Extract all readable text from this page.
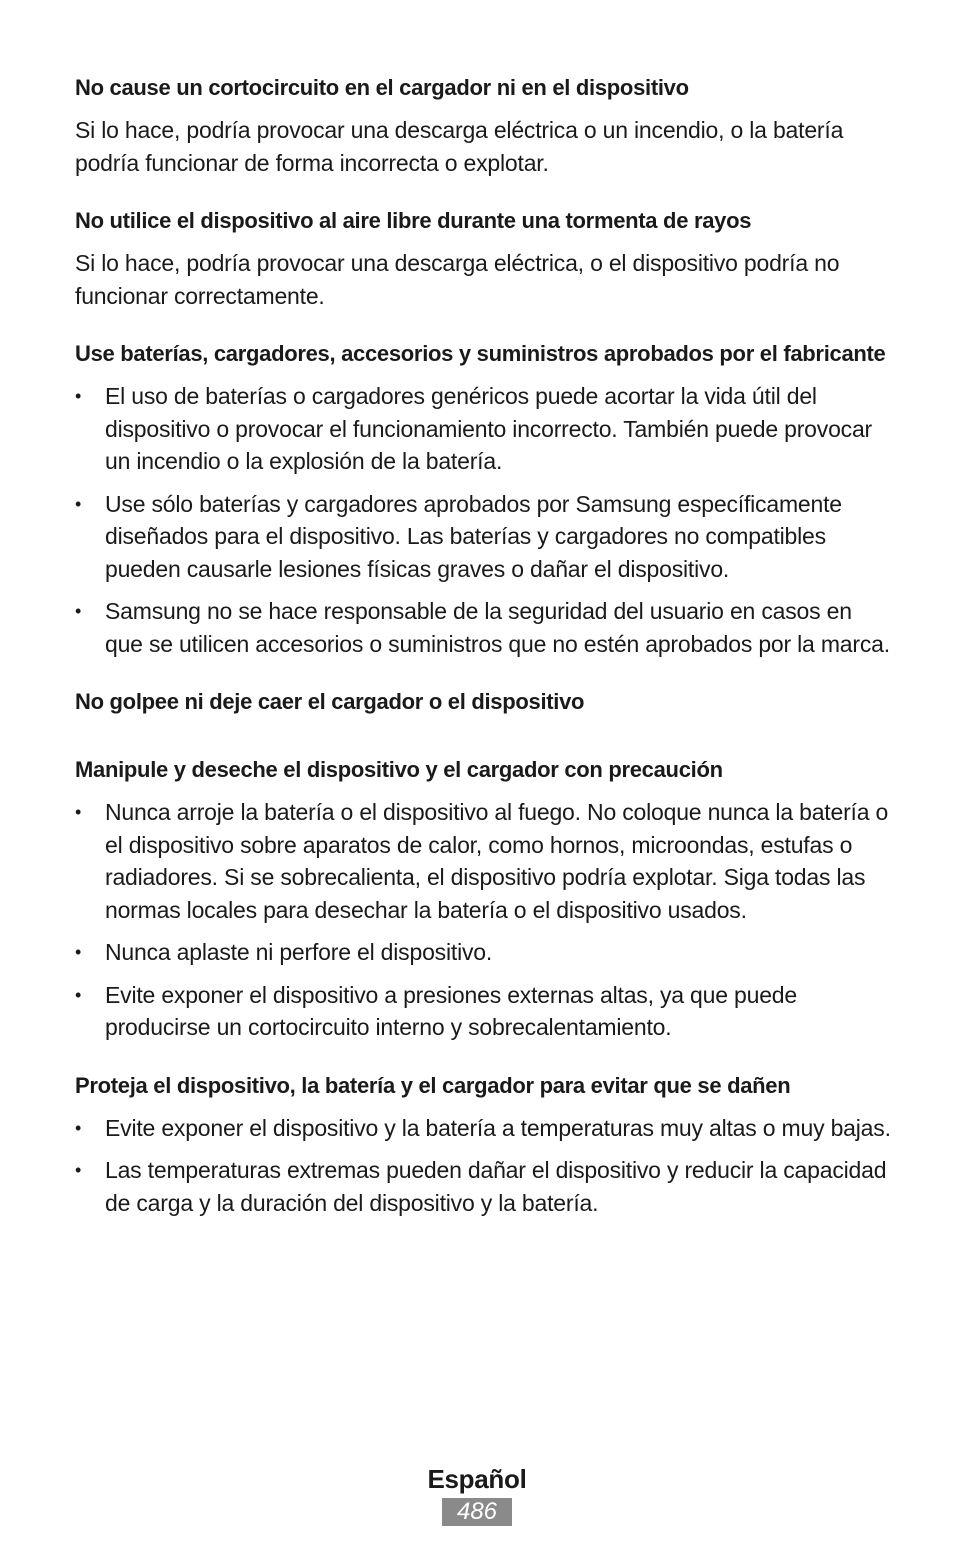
No cause un cortocircuito en el cargador ni en el dispositivo

Si lo hace, podría provocar una descarga eléctrica o un incendio, o la batería podría funcionar de forma incorrecta o explotar.

No utilice el dispositivo al aire libre durante una tormenta de rayos

Si lo hace, podría provocar una descarga eléctrica, o el dispositivo podría no funcionar correctamente.

Use baterías, cargadores, accesorios y suministros aprobados por el fabricante
• El uso de baterías o cargadores genéricos puede acortar la vida útil del dispositivo o provocar el funcionamiento incorrecto. También puede provocar un incendio o la explosión de la batería.
• Use sólo baterías y cargadores aprobados por Samsung específicamente diseñados para el dispositivo. Las baterías y cargadores no compatibles pueden causarle lesiones físicas graves o dañar el dispositivo.
• Samsung no se hace responsable de la seguridad del usuario en casos en que se utilicen accesorios o suministros que no estén aprobados por la marca.
No golpee ni deje caer el cargador o el dispositivo
Manipule y deseche el dispositivo y el cargador con precaución
• Nunca arroje la batería o el dispositivo al fuego. No coloque nunca la batería o el dispositivo sobre aparatos de calor, como hornos, microondas, estufas o radiadores. Si se sobrecalienta, el dispositivo podría explotar. Siga todas las normas locales para desechar la batería o el dispositivo usados.
• Nunca aplaste ni perfore el dispositivo.
• Evite exponer el dispositivo a presiones externas altas, ya que puede producirse un cortocircuito interno y sobrecalentamiento.
Proteja el dispositivo, la batería y el cargador para evitar que se dañen
• Evite exponer el dispositivo y la batería a temperaturas muy altas o muy bajas.
• Las temperaturas extremas pueden dañar el dispositivo y reducir la capacidad de carga y la duración del dispositivo y la batería.
Español
486
